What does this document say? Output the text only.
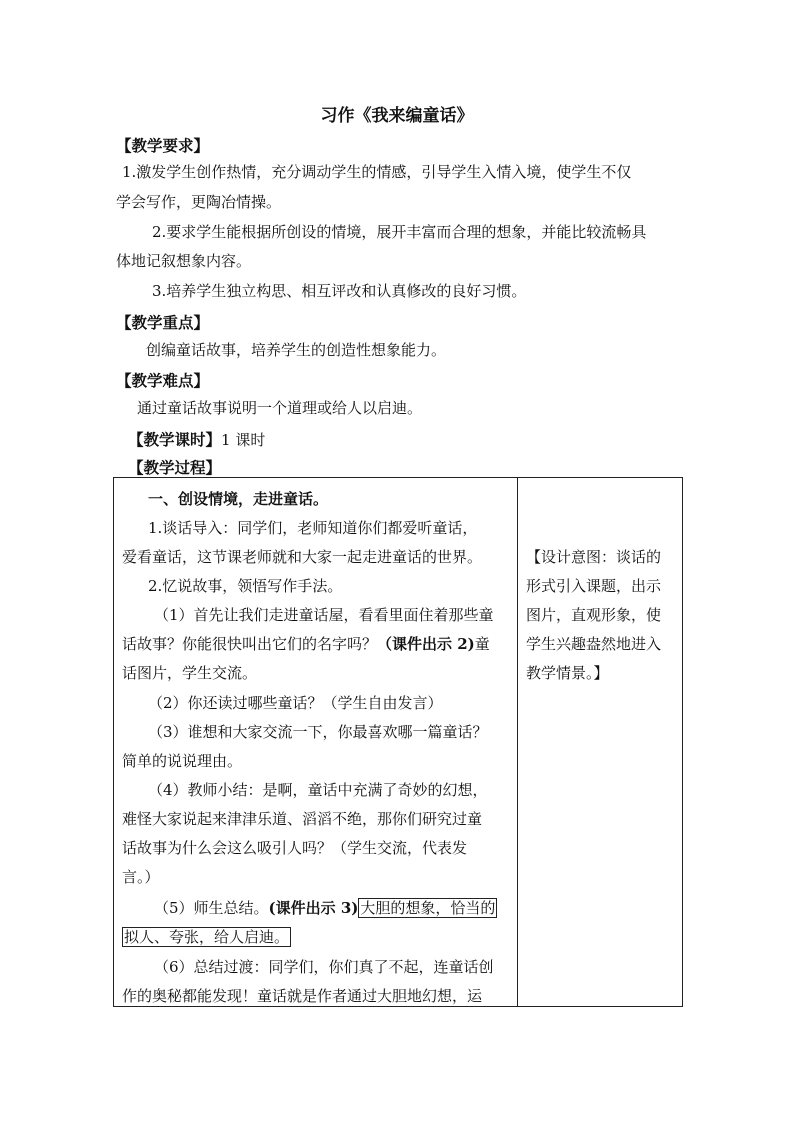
习作《我来编童话》
【教学要求】
1.激发学生创作热情，充分调动学生的情感，引导学生入情入境，使学生不仅
学会写作，更陶冶情操。
2.要求学生能根据所创设的情境，展开丰富而合理的想象，并能比较流畅具
体地记叙想象内容。
3.培养学生独立构思、相互评改和认真修改的良好习惯。
【教学重点】
创编童话故事，培养学生的创造性想象能力。
【教学难点】
通过童话故事说明一个道理或给人以启迪。
【教学课时】1 课时
【教学过程】
一、创设情境，走进童话。
1.谈话导入：同学们，老师知道你们都爱听童话，
爱看童话，这节课老师就和大家一起走进童话的世界。
2.忆说故事，领悟写作手法。
（1）首先让我们走进童话屋，看看里面住着那些童
话故事？你能很快叫出它们的名字吗？（课件出示 2)童
话图片，学生交流。
（2）你还读过哪些童话？（学生自由发言）
（3）谁想和大家交流一下，你最喜欢哪一篇童话？
简单的说说理由。
（4）教师小结：是啊，童话中充满了奇妙的幻想，
难怪大家说起来津津乐道、滔滔不绝，那你们研究过童
话故事为什么会这么吸引人吗？（学生交流，代表发
言。）
（5）师生总结。(课件出示 3) 大胆的想象，恰当的
拟人、夸张，给人启迪。
（6）总结过渡：同学们，你们真了不起，连童话创
作的奥秘都能发现！童话就是作者通过大胆地幻想，运

【设计意图：谈话的
形式引入课题，出示
图片，直观形象，使
学生兴趣盎然地进入
教学情景。】
